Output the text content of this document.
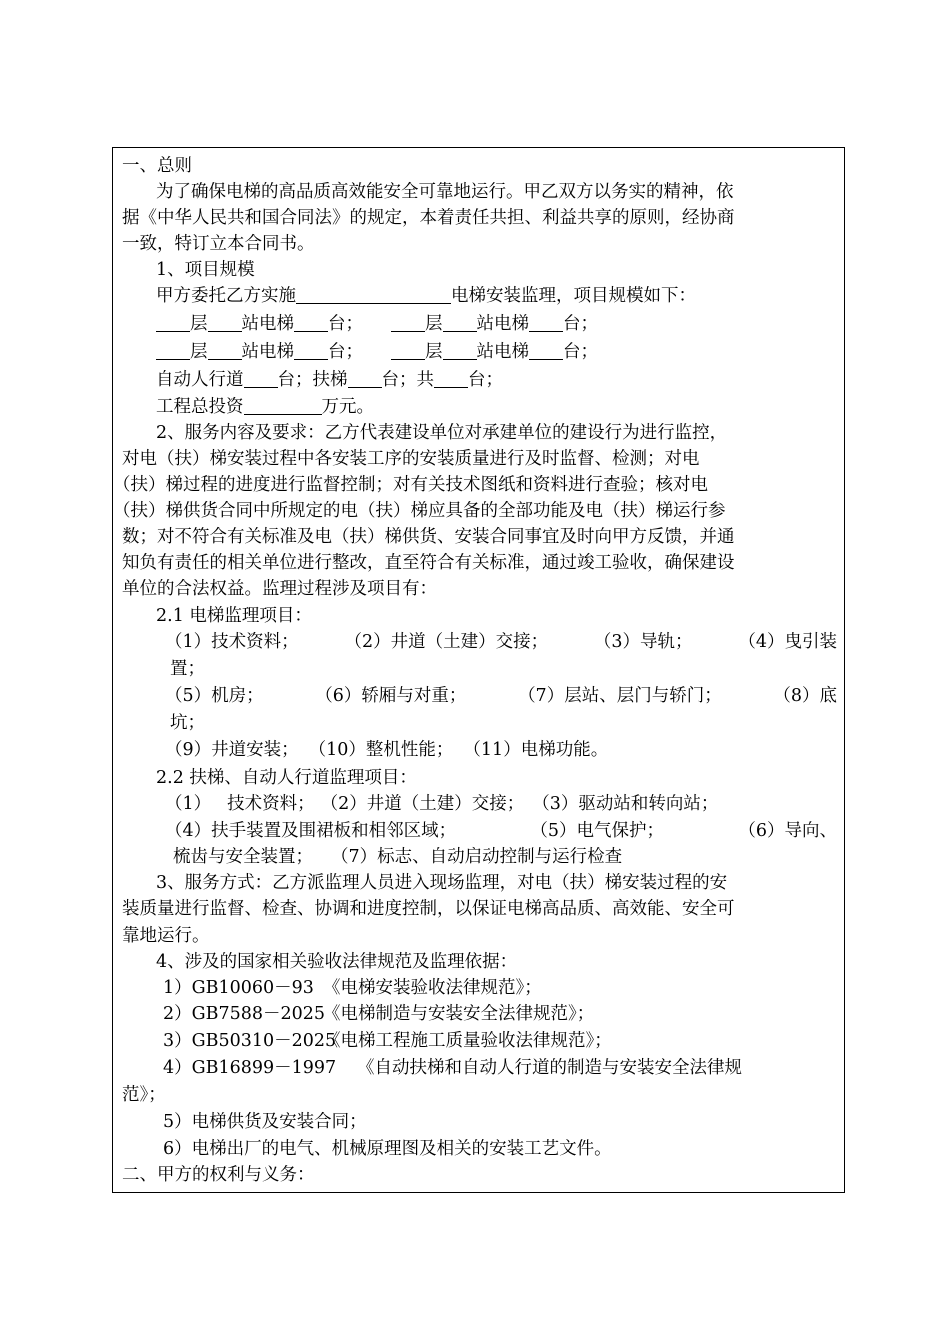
一、总则
为了确保电梯的高品质高效能安全可靠地运行。甲乙双方以务实的精神，依
据《中华人民共和国合同法》的规定，本着责任共担、利益共享的原则，经协商
一致，特订立本合同书。
1、项目规模
甲方委托乙方实施	电梯安装监理，项目规模如下：
层 站电梯 台；	层 站电梯 台；
层 站电梯 台；	层 站电梯 台；
自动人行道 台；扶梯 台；共 台；
工程总投资	万元。
2、服务内容及要求：乙方代表建设单位对承建单位的建设行为进行监控，
对电（扶）梯安装过程中各安装工序的安装质量进行及时监督、检测；对电
（扶）梯过程的进度进行监督控制；对有关技术图纸和资料进行查验；核对电
（扶）梯供货合同中所规定的电（扶）梯应具备的全部功能及电（扶）梯运行参
数；对不符合有关标准及电（扶）梯供货、安装合同事宜及时向甲方反馈，并通
知负有责任的相关单位进行整改，直至符合有关标准，通过竣工验收，确保建设
单位的合法权益。监理过程涉及项目有：
2.1 电梯监理项目：
（1）技术资料；	（2）井道（土建）交接；	（3）导轨；	（4）曳引装
置；
（5）机房；	（6）轿厢与对重；	（7）层站、层门与轿门；	（8）底
坑；
（9）井道安装； （10）整机性能； （11）电梯功能。
2.2 扶梯、自动人行道监理项目：
（1） 技术资料； （2）井道（土建）交接； （3）驱动站和转向站；
（4）扶手装置及围裙板和相邻区域；	（5）电气保护；	（6）导向、
梳齿与安全装置； （7）标志、自动启动控制与运行检查
3、服务方式：乙方派监理人员进入现场监理，对电（扶）梯安装过程的安
装质量进行监督、检查、协调和进度控制，以保证电梯高品质、高效能、安全可
靠地运行。
4、涉及的国家相关验收法律规范及监理依据：
1）GB10060－93 《电梯安装验收法律规范》；
2）GB7588－2025《电梯制造与安装安全法律规范》；
3）GB50310－2025《电梯工程施工质量验收法律规范》；
4）GB16899－1997 《自动扶梯和自动人行道的制造与安装安全法律规
范》；
5）电梯供货及安装合同；
6）电梯出厂的电气、机械原理图及相关的安装工艺文件。
二、甲方的权利与义务：
